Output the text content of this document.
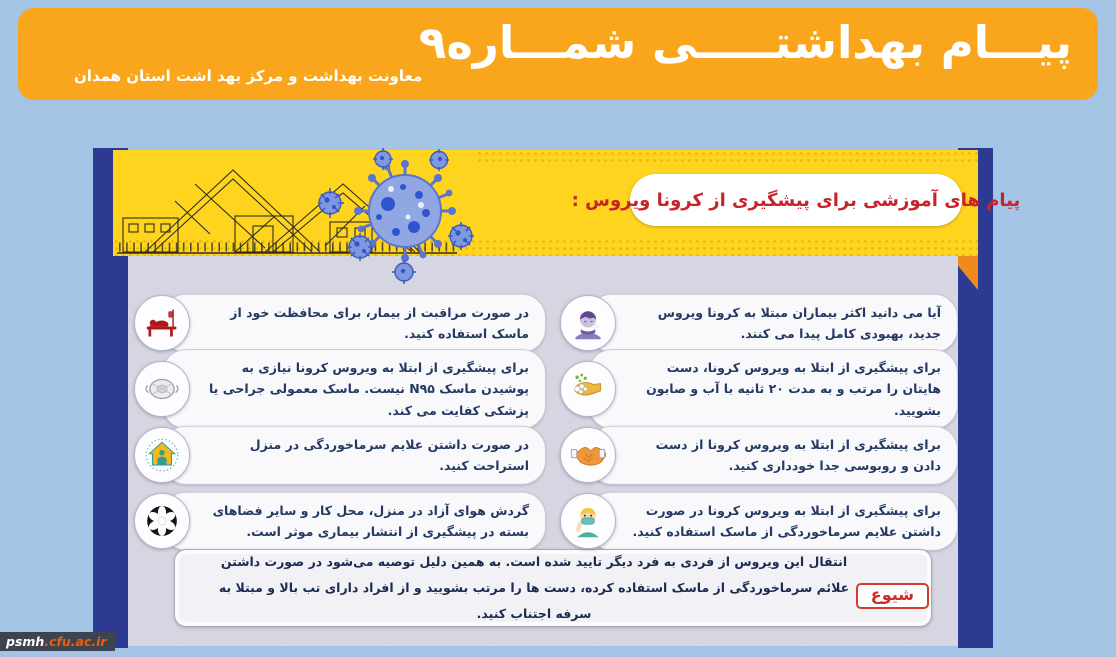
پیـــام بهداشتـــــی شمـــاره۹
معاونت بهداشت و مرکز بهد اشت استان همدان
پیام های آموزشی برای پیشگیری از کرونا ویروس :
در صورت مراقبت از بیمار، برای محافظت خود از ماسک استفاده کنید.
برای پیشگیری از ابتلا به ویروس کرونا نیازی به پوشیدن ماسک N۹۵ نیست. ماسک معمولی جراحی یا پزشکی کفایت می کند.
در صورت داشتن علایم سرماخوردگی در منزل استراحت کنید.
گردش هوای آزاد در منزل، محل کار و سایر فضاهای بسته در پیشگیری از انتشار بیماری موثر است.
آیا می دانید اکثر بیماران مبتلا به کرونا ویروس جدید، بهبودی کامل پیدا می کنند.
برای پیشگیری از ابتلا به ویروس کرونا، دست هایتان را مرتب و به مدت ۲۰ ثانیه با آب و صابون بشویید.
برای پیشگیری از ابتلا به ویروس کرونا از دست دادن و روبوسی جدا خودداری کنید.
برای پیشگیری از ابتلا به ویروس کرونا در صورت داشتن علایم سرماخوردگی از ماسک استفاده کنید.
انتقال این ویروس از فردی به فرد دیگر تایید شده است. به همین دلیل توصیه می‌شود در صورت داشتن علائم سرماخوردگی از ماسک استفاده کرده، دست ها را مرتب بشویید و از افراد دارای تب بالا و مبتلا به سرفه اجتناب کنید.
شیوع
psmh .cfu.ac.ir
